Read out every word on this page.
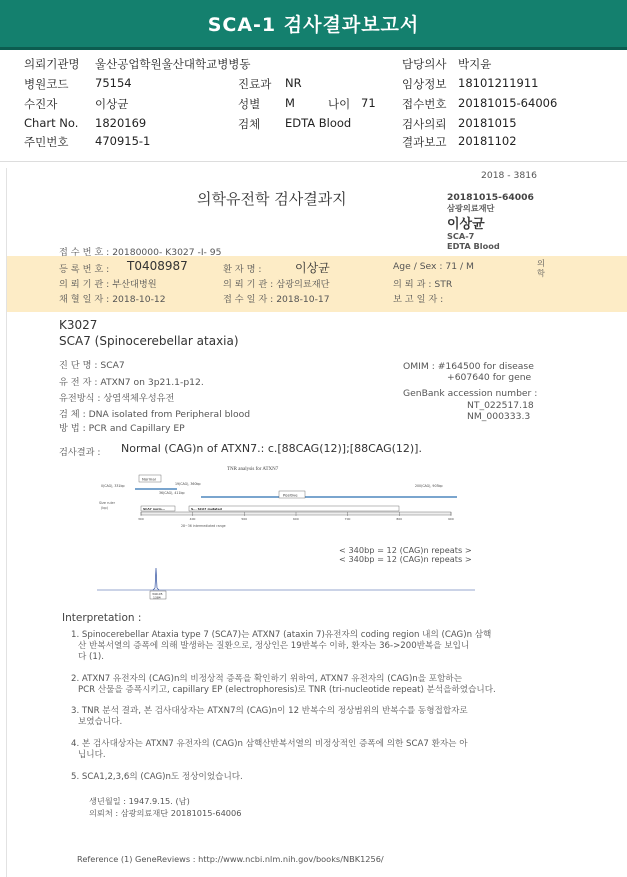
SCA-1 검사결과보고서
의뢰기관명 울산공업학원울산대학교병병동
병원코드 75154
수진자	이상균
Chart No. 1820169
주민번호 470915-1
진료과 NR
성별 M	나이 71
검체 EDTA Blood
담당의사 박지윤
임상정보 18101211911
접수번호 20181015-64006
검사의뢰 20181015
결과보고 20181102
2018 - 3816
의학유전학 검사결과지	20181015-64006
삼광의료재단
이상균
SCA-7
EDTA Blood
의학
접 수 번 호 : 20180000- K3027 -I- 95
등 록 번 호 : T0408987	환 자 명 :	이상균	Age / Sex : 71 / M
의 뢰 기 관 : 부산대병원	의 뢰 기 관 : 삼광의료재단	의 뢰 과 : STR
채 혈 일 자 : 2018-10-12	접 수 일 자 : 2018-10-17	보 고 일 자 :
K3027
SCA7 (Spinocerebellar ataxia)
진 단 명 : SCA7
유 전 자 : ATXN7 on 3p21.1-p12.
유전방식 : 상염색체우성유전
검 체 : DNA isolated from Peripheral blood
방 법 : PCR and Capillary EP
OMIM : #164500 for disease
+607640 for gene
GenBank accession number :
NT_022517.18
NM_000333.3
검사결과 : Normal (CAG)n of ATXN7.: c.[88CAG(12)];[88CAG(12)].
TNR analysis for ATXN7
Normal
0(CAG), 331bp	19(CAG), 360bp
36(CAG), 411bp
200(CAG), 903bp
Positive
Size ruler
(bp)	SCA7 norm...	S... SCA7 mutated
300	400	500	600	700	800	900
28~36 intermediated range
< 340bp = 12 (CAG)n repeats >
< 340bp = 12 (CAG)n repeats >
340.05
1384
Interpretation :
1. Spinocerebellar Ataxia type 7 (SCA7)는 ATXN7 (ataxin 7)유전자의 coding region 내의 (CAG)n 삼핵
산 반복서열의 증폭에 의해 발생하는 질환으로, 정상인은 19반복수 이하, 환자는 36->200반복을 보입니
다 (1).
2. ATXN7 유전자의 (CAG)n의 비정상적 증폭을 확인하기 위하여, ATXN7 유전자의 (CAG)n을 포함하는
PCR 산물을 증폭시키고, capillary EP (electrophoresis)로 TNR (tri-nucleotide repeat) 분석을하였습니다.
3. TNR 분석 결과, 본 검사대상자는 ATXN7의 (CAG)n이 12 반복수의 정상범위의 반복수를 동형접합자로
보였습니다.
4. 본 검사대상자는 ATXN7 유전자의 (CAG)n 삼핵산반복서열의 비정상적인 증폭에 의한 SCA7 환자는 아
닙니다.
5. SCA1,2,3,6의 (CAG)n도 정상이었습니다.
생년월일 : 1947.9.15. (남)
의뢰처 : 삼광의료재단 20181015-64006
Reference (1) GeneReviews : http://www.ncbi.nlm.nih.gov/books/NBK1256/
